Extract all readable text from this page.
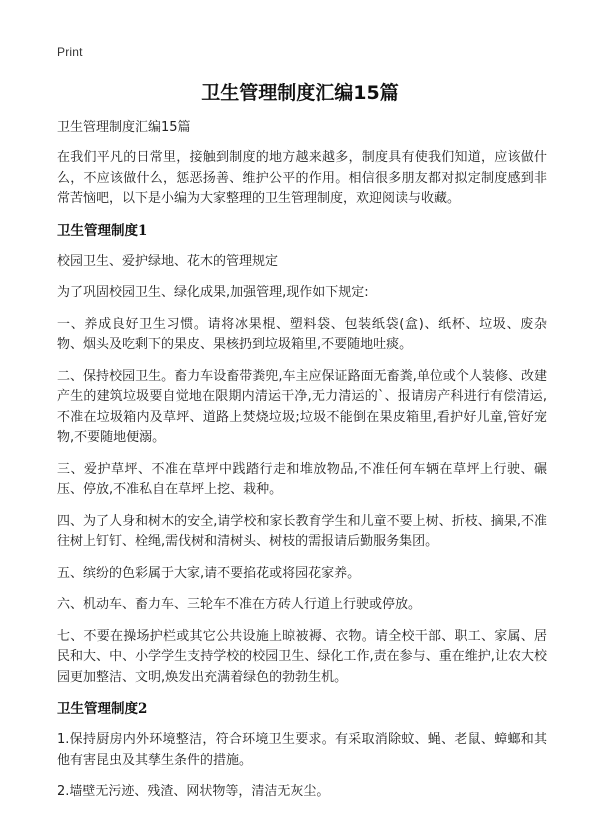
Print
卫生管理制度汇编15篇
卫生管理制度汇编15篇
在我们平凡的日常里，接触到制度的地方越来越多，制度具有使我们知道，应该做什么，不应该做什么，惩恶扬善、维护公平的作用。相信很多朋友都对拟定制度感到非常苦恼吧，以下是小编为大家整理的卫生管理制度，欢迎阅读与收藏。
卫生管理制度1
校园卫生、爱护绿地、花木的管理规定
为了巩固校园卫生、绿化成果,加强管理,现作如下规定:
一、养成良好卫生习惯。请将冰果棍、塑料袋、包装纸袋(盒)、纸杯、垃圾、废杂物、烟头及吃剩下的果皮、果核扔到垃圾箱里,不要随地吐痰。
二、保持校园卫生。畜力车设畜带粪兜,车主应保证路面无畜粪,单位或个人装修、改建产生的建筑垃圾要自觉地在限期内清运干净,无力清运的`、报请房产科进行有偿清运,不准在垃圾箱内及草坪、道路上焚烧垃圾;垃圾不能倒在果皮箱里,看护好儿童,管好宠物,不要随地便溺。
三、爱护草坪、不准在草坪中践踏行走和堆放物品,不准任何车辆在草坪上行驶、碾压、停放,不准私自在草坪上挖、栽种。
四、为了人身和树木的安全,请学校和家长教育学生和儿童不要上树、折枝、摘果,不准往树上钉钉、栓绳,需伐树和清树头、树枝的需报请后勤服务集团。
五、缤纷的色彩属于大家,请不要掐花或将园花家养。
六、机动车、畜力车、三轮车不准在方砖人行道上行驶或停放。
七、不要在操场护栏或其它公共设施上晾被褥、衣物。请全校干部、职工、家属、居民和大、中、小学学生支持学校的校园卫生、绿化工作,责在参与、重在维护,让农大校园更加整洁、文明,焕发出充满着绿色的勃勃生机。
卫生管理制度2
1.保持厨房内外环境整洁，符合环境卫生要求。有采取消除蚊、蝇、老鼠、蟑螂和其他有害昆虫及其孳生条件的措施。
2.墙壁无污迹、残渣、网状物等，清洁无灰尘。
